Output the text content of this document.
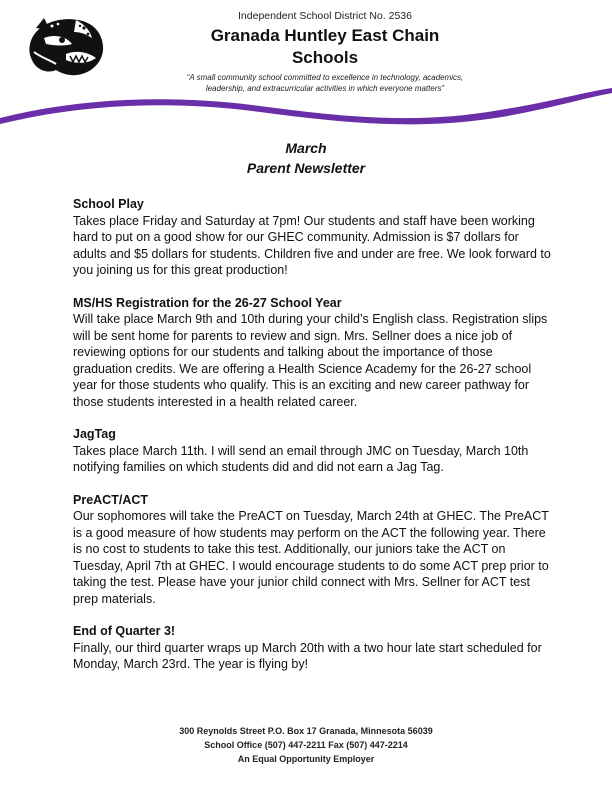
Independent School District No. 2536
Granada Huntley East Chain
Schools
“A small community school committed to excellence in technology, academics,
leadership, and extracurricular activities in which everyone matters”
March
Parent Newsletter
School Play
Takes place Friday and Saturday at 7pm! Our students and staff have been working hard to put on a good show for our GHEC community. Admission is $7 dollars for adults and $5 dollars for students. Children five and under are free. We look forward to you joining us for this great production!
MS/HS Registration for the 26-27 School Year
Will take place March 9th and 10th during your child’s English class. Registration slips will be sent home for parents to review and sign. Mrs. Sellner does a nice job of reviewing options for our students and talking about the importance of those graduation credits. We are offering a Health Science Academy for the 26-27 school year for those students who qualify. This is an exciting and new career pathway for those students interested in a health related career.
JagTag
Takes place March 11th. I will send an email through JMC on Tuesday, March 10th notifying families on which students did and did not earn a Jag Tag.
PreACT/ACT
Our sophomores will take the PreACT on Tuesday, March 24th at GHEC. The PreACT is a good measure of how students may perform on the ACT the following year. There is no cost to students to take this test. Additionally, our juniors take the ACT on Tuesday, April 7th at GHEC. I would encourage students to do some ACT prep prior to taking the test. Please have your junior child connect with Mrs. Sellner for ACT test prep materials.
End of Quarter 3!
Finally, our third quarter wraps up March 20th with a two hour late start scheduled for Monday, March 23rd. The year is flying by!
300 Reynolds Street P.O. Box 17 Granada, Minnesota 56039
School Office (507) 447-2211 Fax (507) 447-2214
An Equal Opportunity Employer
